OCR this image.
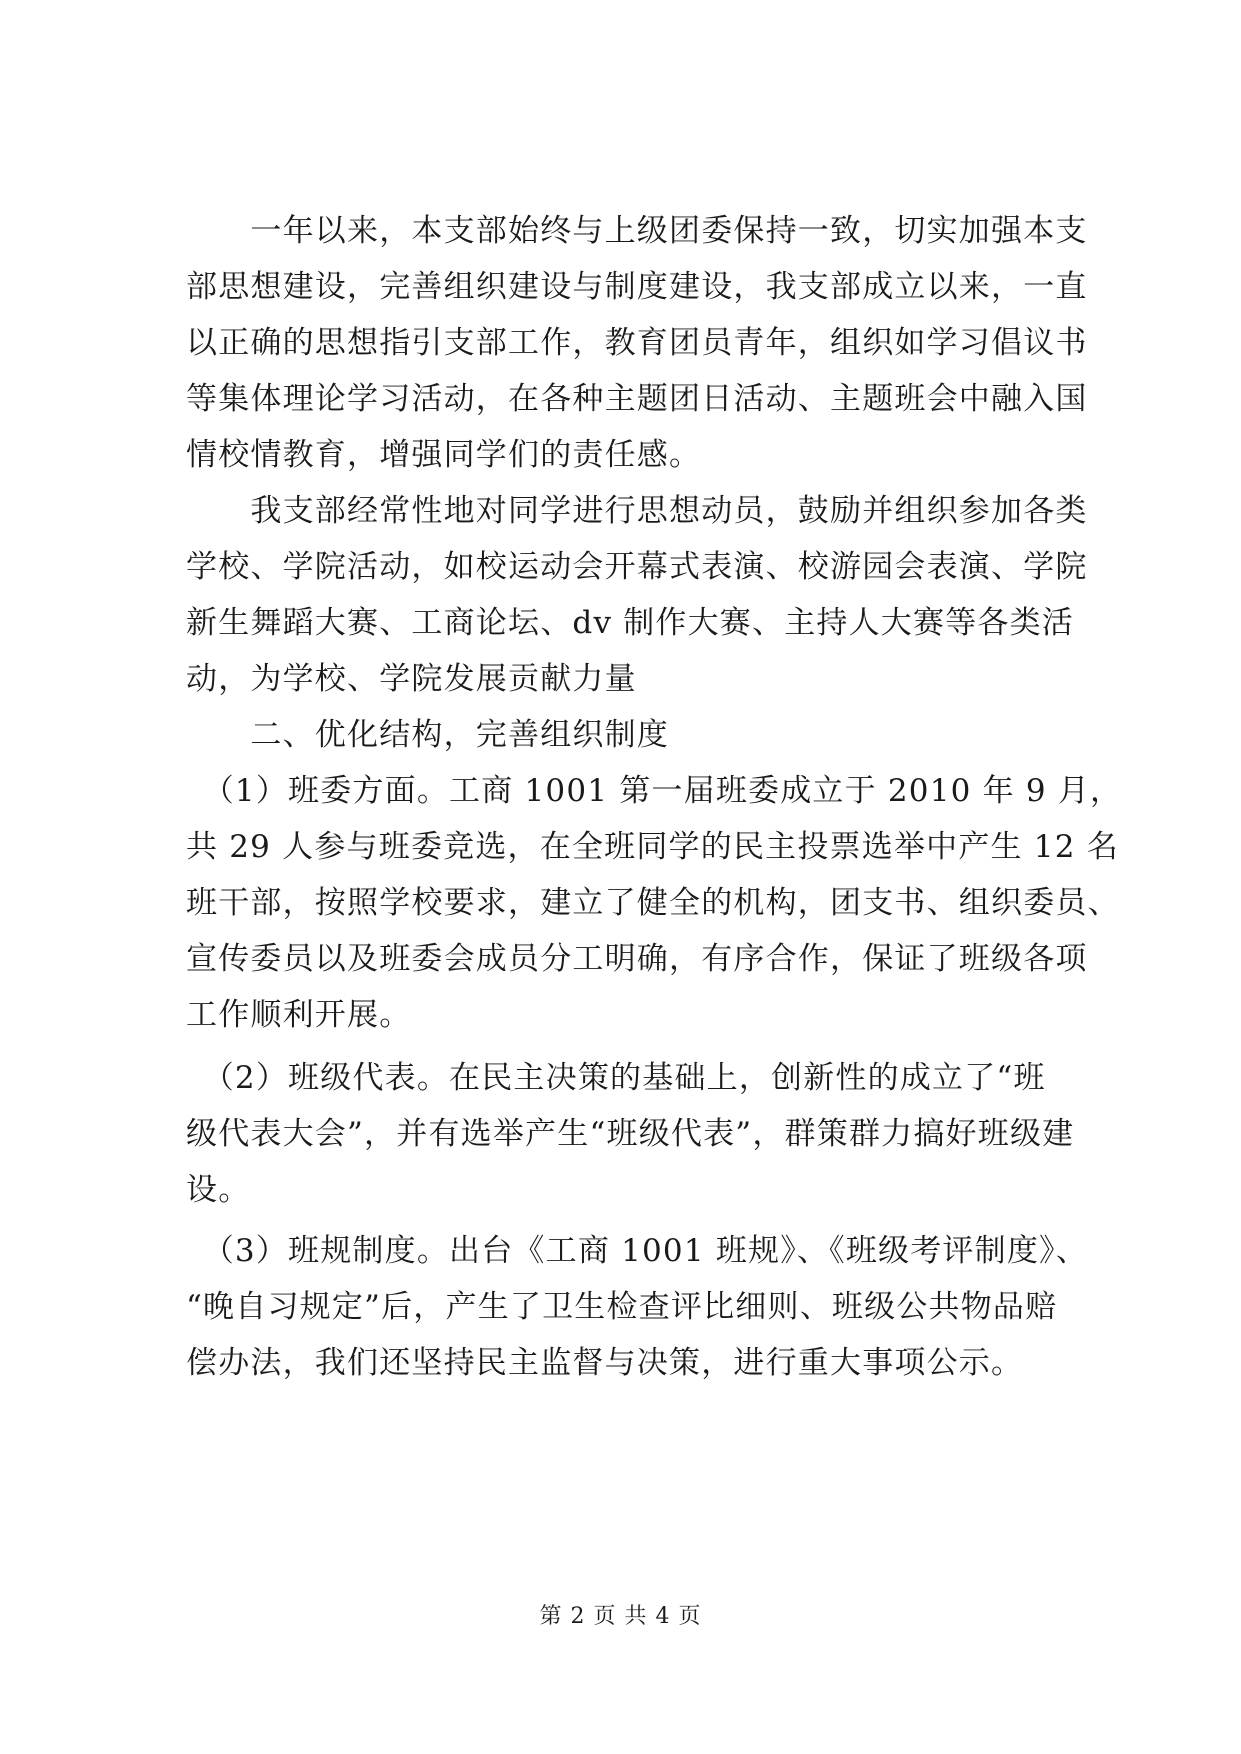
　　一年以来，本支部始终与上级团委保持一致，切实加强本支
部思想建设，完善组织建设与制度建设，我支部成立以来，一直
以正确的思想指引支部工作，教育团员青年，组织如学习倡议书
等集体理论学习活动，在各种主题团日活动、主题班会中融入国
情校情教育，增强同学们的责任感。
　　我支部经常性地对同学进行思想动员，鼓励并组织参加各类
学校、学院活动，如校运动会开幕式表演、校游园会表演、学院
新生舞蹈大赛、工商论坛、dv 制作大赛、主持人大赛等各类活
动，为学校、学院发展贡献力量
　　二、优化结构，完善组织制度
　（1）班委方面。工商 1001 第一届班委成立于 2010 年 9 月，
共 29 人参与班委竞选，在全班同学的民主投票选举中产生 12 名
班干部，按照学校要求，建立了健全的机构，团支书、组织委员、
宣传委员以及班委会成员分工明确，有序合作，保证了班级各项
工作顺利开展。
　（2）班级代表。在民主决策的基础上，创新性的成立了“班
级代表大会”，并有选举产生“班级代表”，群策群力搞好班级建
设。
　（3）班规制度。出台《工商 1001 班规》、《班级考评制度》、
“晚自习规定”后，产生了卫生检查评比细则、班级公共物品赔
偿办法，我们还坚持民主监督与决策，进行重大事项公示。
第 2 页 共 4 页
